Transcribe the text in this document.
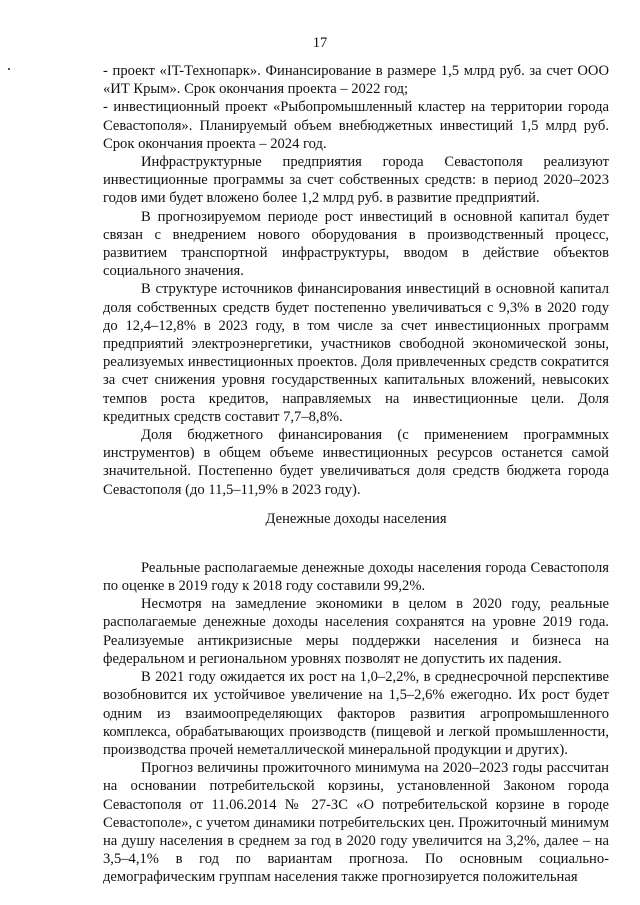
17

- проект «IT-Технопарк». Финансирование в размере 1,5 млрд руб. за счет ООО «ИТ Крым». Срок окончания проекта – 2022 год;

- инвестиционный проект «Рыбопромышленный кластер на территории города Севастополя». Планируемый объем внебюджетных инвестиций 1,5 млрд руб. Срок окончания проекта – 2024 год.

Инфраструктурные предприятия города Севастополя реализуют инвестиционные программы за счет собственных средств: в период 2020–2023 годов ими будет вложено более 1,2 млрд руб. в развитие предприятий.

В прогнозируемом периоде рост инвестиций в основной капитал будет связан с внедрением нового оборудования в производственный процесс, развитием транспортной инфраструктуры, вводом в действие объектов социального значения.

В структуре источников финансирования инвестиций в основной капитал доля собственных средств будет постепенно увеличиваться с 9,3% в 2020 году до 12,4–12,8% в 2023 году, в том числе за счет инвестиционных программ предприятий электроэнергетики, участников свободной экономической зоны, реализуемых инвестиционных проектов. Доля привлеченных средств сократится за счет снижения уровня государственных капитальных вложений, невысоких темпов роста кредитов, направляемых на инвестиционные цели. Доля кредитных средств составит 7,7–8,8%.

Доля бюджетного финансирования (с применением программных инструментов) в общем объеме инвестиционных ресурсов останется самой значительной. Постепенно будет увеличиваться доля средств бюджета города Севастополя (до 11,5–11,9% в 2023 году).

Денежные доходы населения

Реальные располагаемые денежные доходы населения города Севастополя по оценке в 2019 году к 2018 году составили 99,2%.

Несмотря на замедление экономики в целом в 2020 году, реальные располагаемые денежные доходы населения сохранятся на уровне 2019 года. Реализуемые антикризисные меры поддержки населения и бизнеса на федеральном и региональном уровнях позволят не допустить их падения.

В 2021 году ожидается их рост на 1,0–2,2%, в среднесрочной перспективе возобновится их устойчивое увеличение на 1,5–2,6% ежегодно. Их рост будет одним из взаимоопределяющих факторов развития агропромышленного комплекса, обрабатывающих производств (пищевой и легкой промышленности, производства прочей неметаллической минеральной продукции и других).

Прогноз величины прожиточного минимума на 2020–2023 годы рассчитан на основании потребительской корзины, установленной Законом города Севастополя от 11.06.2014 № 27-ЗС «О потребительской корзине в городе Севастополе», с учетом динамики потребительских цен. Прожиточный минимум на душу населения в среднем за год в 2020 году увеличится на 3,2%, далее – на 3,5–4,1% в год по вариантам прогноза. По основным социально-демографическим группам населения также прогнозируется положительная
